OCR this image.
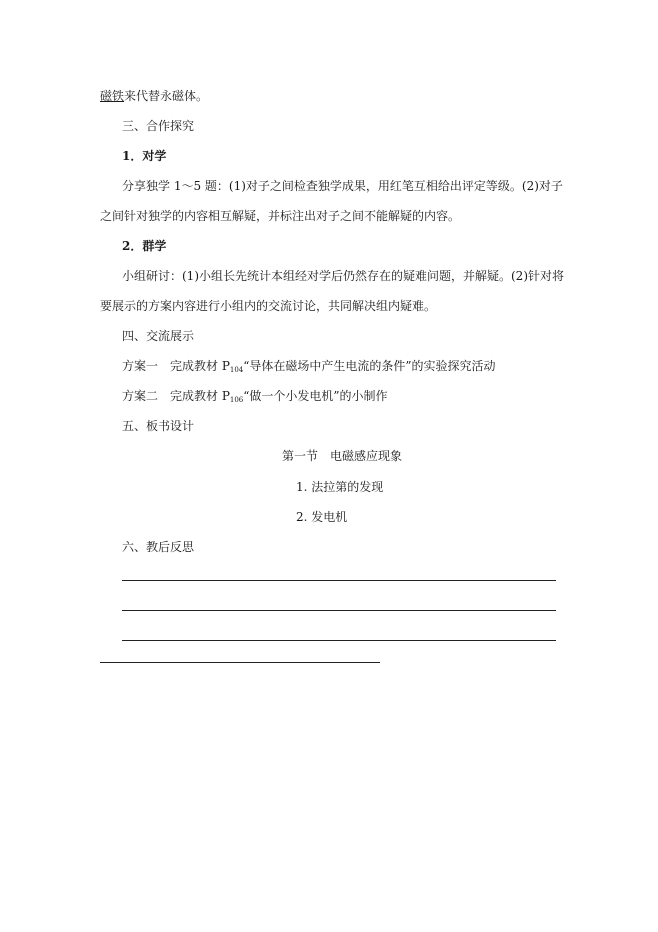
磁铁来代替永磁体。
三、合作探究
1．对学
分享独学 1～5 题：(1)对子之间检查独学成果，用红笔互相给出评定等级。(2)对子
之间针对独学的内容相互解疑，并标注出对子之间不能解疑的内容。
2．群学
小组研讨：(1)小组长先统计本组经对学后仍然存在的疑难问题，并解疑。(2)针对将
要展示的方案内容进行小组内的交流讨论，共同解决组内疑难。
四、交流展示
方案一　完成教材 $P_{104}“$导体在磁场中产生电流的条件”的实验探究活动
方案二　完成教材 $P_{106}“$做一个小发电机”的小制作
五、板书设计
第一节　电磁感应现象
1. 法拉第的发现
2. 发电机
六、教后反思
